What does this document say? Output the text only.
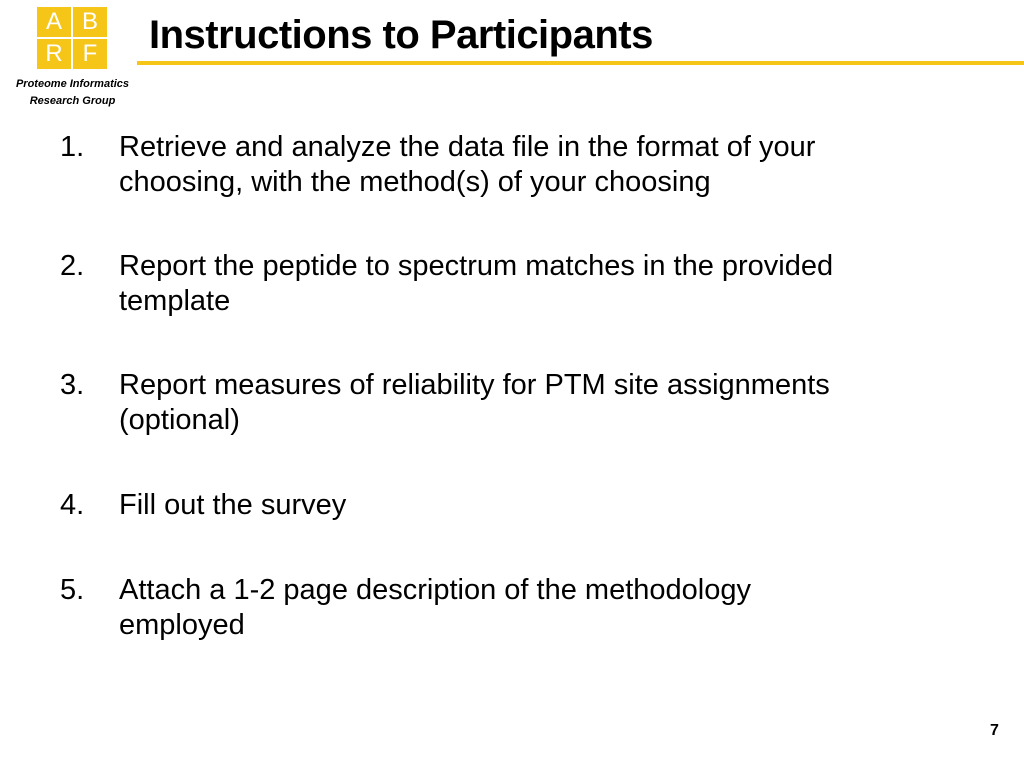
A B
R F
Proteome Informatics
Research Group
Instructions to Participants
1.	Retrieve and analyze the data file in the format of your
choosing, with the method(s) of your choosing
2.	Report the peptide to spectrum matches in the provided
template
3.	Report measures of reliability for PTM site assignments
(optional)
4.	Fill out the survey
5.	Attach a 1-2 page description of the methodology
employed
7
